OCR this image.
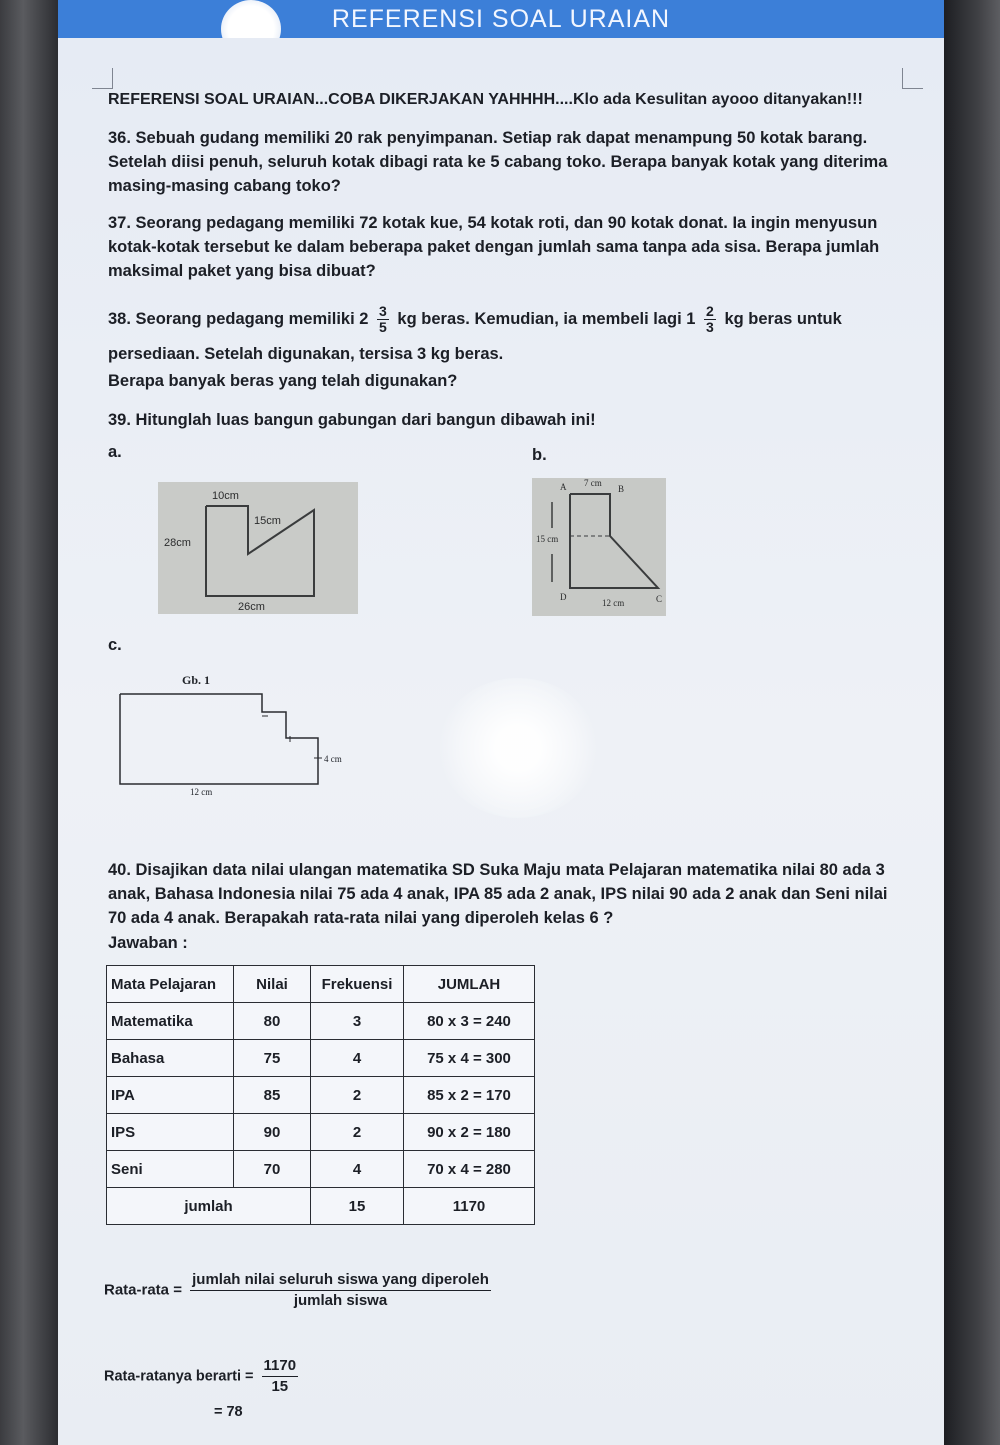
REFERENSI SOAL URAIAN
REFERENSI SOAL URAIAN...COBA DIKERJAKAN YAHHHH....Klo ada Kesulitan ayooo ditanyakan!!!
36. Sebuah gudang memiliki 20 rak penyimpanan. Setiap rak dapat menampung 50 kotak barang. Setelah diisi penuh, seluruh kotak dibagi rata ke 5 cabang toko. Berapa banyak kotak yang diterima masing-masing cabang toko?
37. Seorang pedagang memiliki 72 kotak kue, 54 kotak roti, dan 90 kotak donat. Ia ingin menyusun kotak-kotak tersebut ke dalam beberapa paket dengan jumlah sama tanpa ada sisa. Berapa jumlah maksimal paket yang bisa dibuat?
38. Seorang pedagang memiliki $2 \frac{3}{5}$ kg beras. Kemudian, ia membeli lagi $1 \frac{2}{3}$ kg beras untuk
persediaan. Setelah digunakan, tersisa 3 kg beras.
Berapa banyak beras yang telah digunakan?
39. Hitunglah luas bangun gabungan dari bangun dibawah ini!
a.	b.
10cm
15cm
28cm
26cm
A	B
7 cm
15 cm
D
12 cm	C
c.
Gb. 1
4 cm
12 cm
40. Disajikan data nilai ulangan matematika SD Suka Maju mata Pelajaran matematika nilai 80 ada 3 anak, Bahasa Indonesia nilai 75 ada 4 anak, IPA 85 ada 2 anak, IPS nilai 90 ada 2 anak dan Seni nilai 70 ada 4 anak. Berapakah rata-rata nilai yang diperoleh kelas 6 ?
Jawaban :
Mata Pelajaran	Nilai	Frekuensi	JUMLAH
Matematika	80	3	80 x 3 = 240
Bahasa	75	4	75 x 4 = 300
IPA	85	2	85 x 2 = 170
IPS	90	2	90 x 2 = 180
Seni	70	4	70 x 4 = 280
jumlah		15	1170
Rata-rata = $\frac{\text{jumlah nilai seluruh siswa yang diperoleh}}{\text{jumlah siswa}}$
Rata-ratanya berarti = $\frac{1170}{15}$
= 78
